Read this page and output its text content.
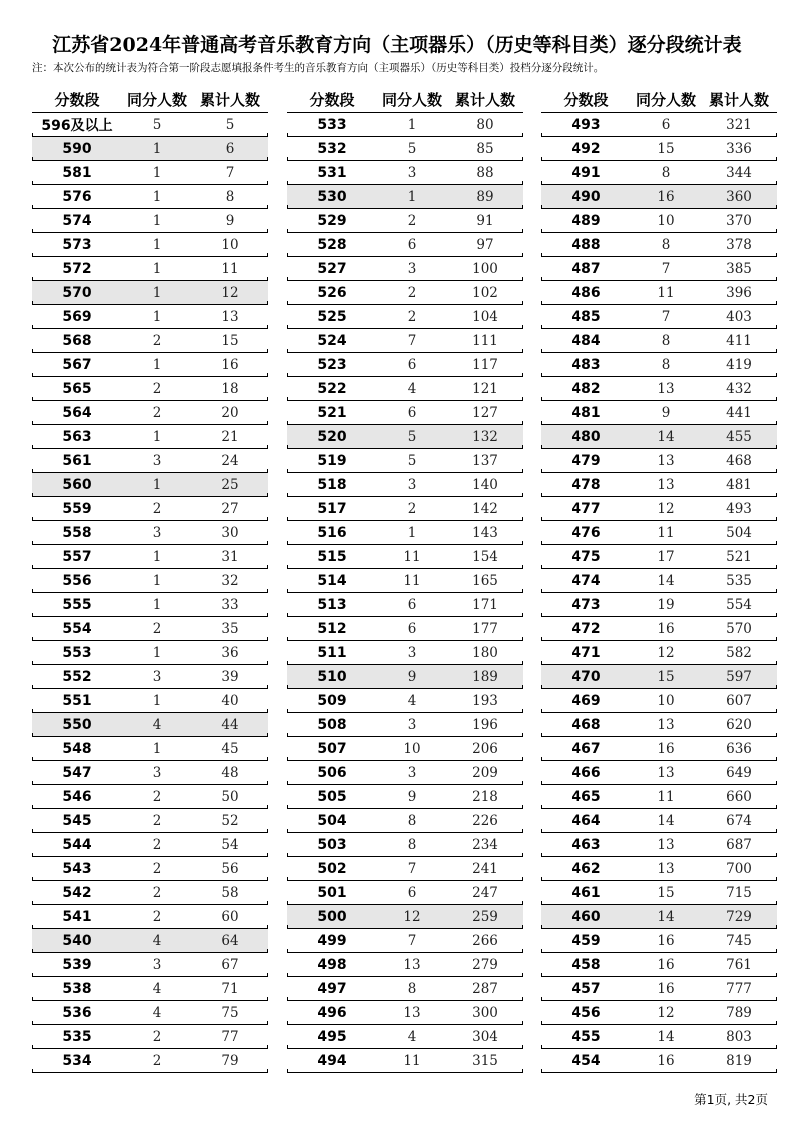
江苏省2024年普通高考音乐教育方向（主项器乐）（历史等科目类）逐分段统计表
注：本次公布的统计表为符合第一阶段志愿填报条件考生的音乐教育方向（主项器乐）（历史等科目类）投档分逐分段统计。
分数段	同分人数 累计人数
596及以上	5	5
590	1	6
581	1	7
576	1	8
574	1	9
573	1	10
572	1	11
570	1	12
569	1	13
568	2	15
567	1	16
565	2	18
564	2	20
563	1	21
561	3	24
560	1	25
559	2	27
558	3	30
557	1	31
556	1	32
555	1	33
554	2	35
553	1	36
552	3	39
551	1	40
550	4	44
548	1	45
547	3	48
546	2	50
545	2	52
544	2	54
543	2	56
542	2	58
541	2	60
540	4	64
539	3	67
538	4	71
536	4	75
535	2	77
534	2	79
分数段	同分人数 累计人数
533	1	80
532	5	85
531	3	88
530	1	89
529	2	91
528	6	97
527	3	100
526	2	102
525	2	104
524	7	111
523	6	117
522	4	121
521	6	127
520	5	132
519	5	137
518	3	140
517	2	142
516	1	143
515	11	154
514	11	165
513	6	171
512	6	177
511	3	180
510	9	189
509	4	193
508	3	196
507	10	206
506	3	209
505	9	218
504	8	226
503	8	234
502	7	241
501	6	247
500	12	259
499	7	266
498	13	279
497	8	287
496	13	300
495	4	304
494	11	315
分数段	同分人数 累计人数
493	6	321
492	15	336
491	8	344
490	16	360
489	10	370
488	8	378
487	7	385
486	11	396
485	7	403
484	8	411
483	8	419
482	13	432
481	9	441
480	14	455
479	13	468
478	13	481
477	12	493
476	11	504
475	17	521
474	14	535
473	19	554
472	16	570
471	12	582
470	15	597
469	10	607
468	13	620
467	16	636
466	13	649
465	11	660
464	14	674
463	13	687
462	13	700
461	15	715
460	14	729
459	16	745
458	16	761
457	16	777
456	12	789
455	14	803
454	16	819
第1页, 共2页
